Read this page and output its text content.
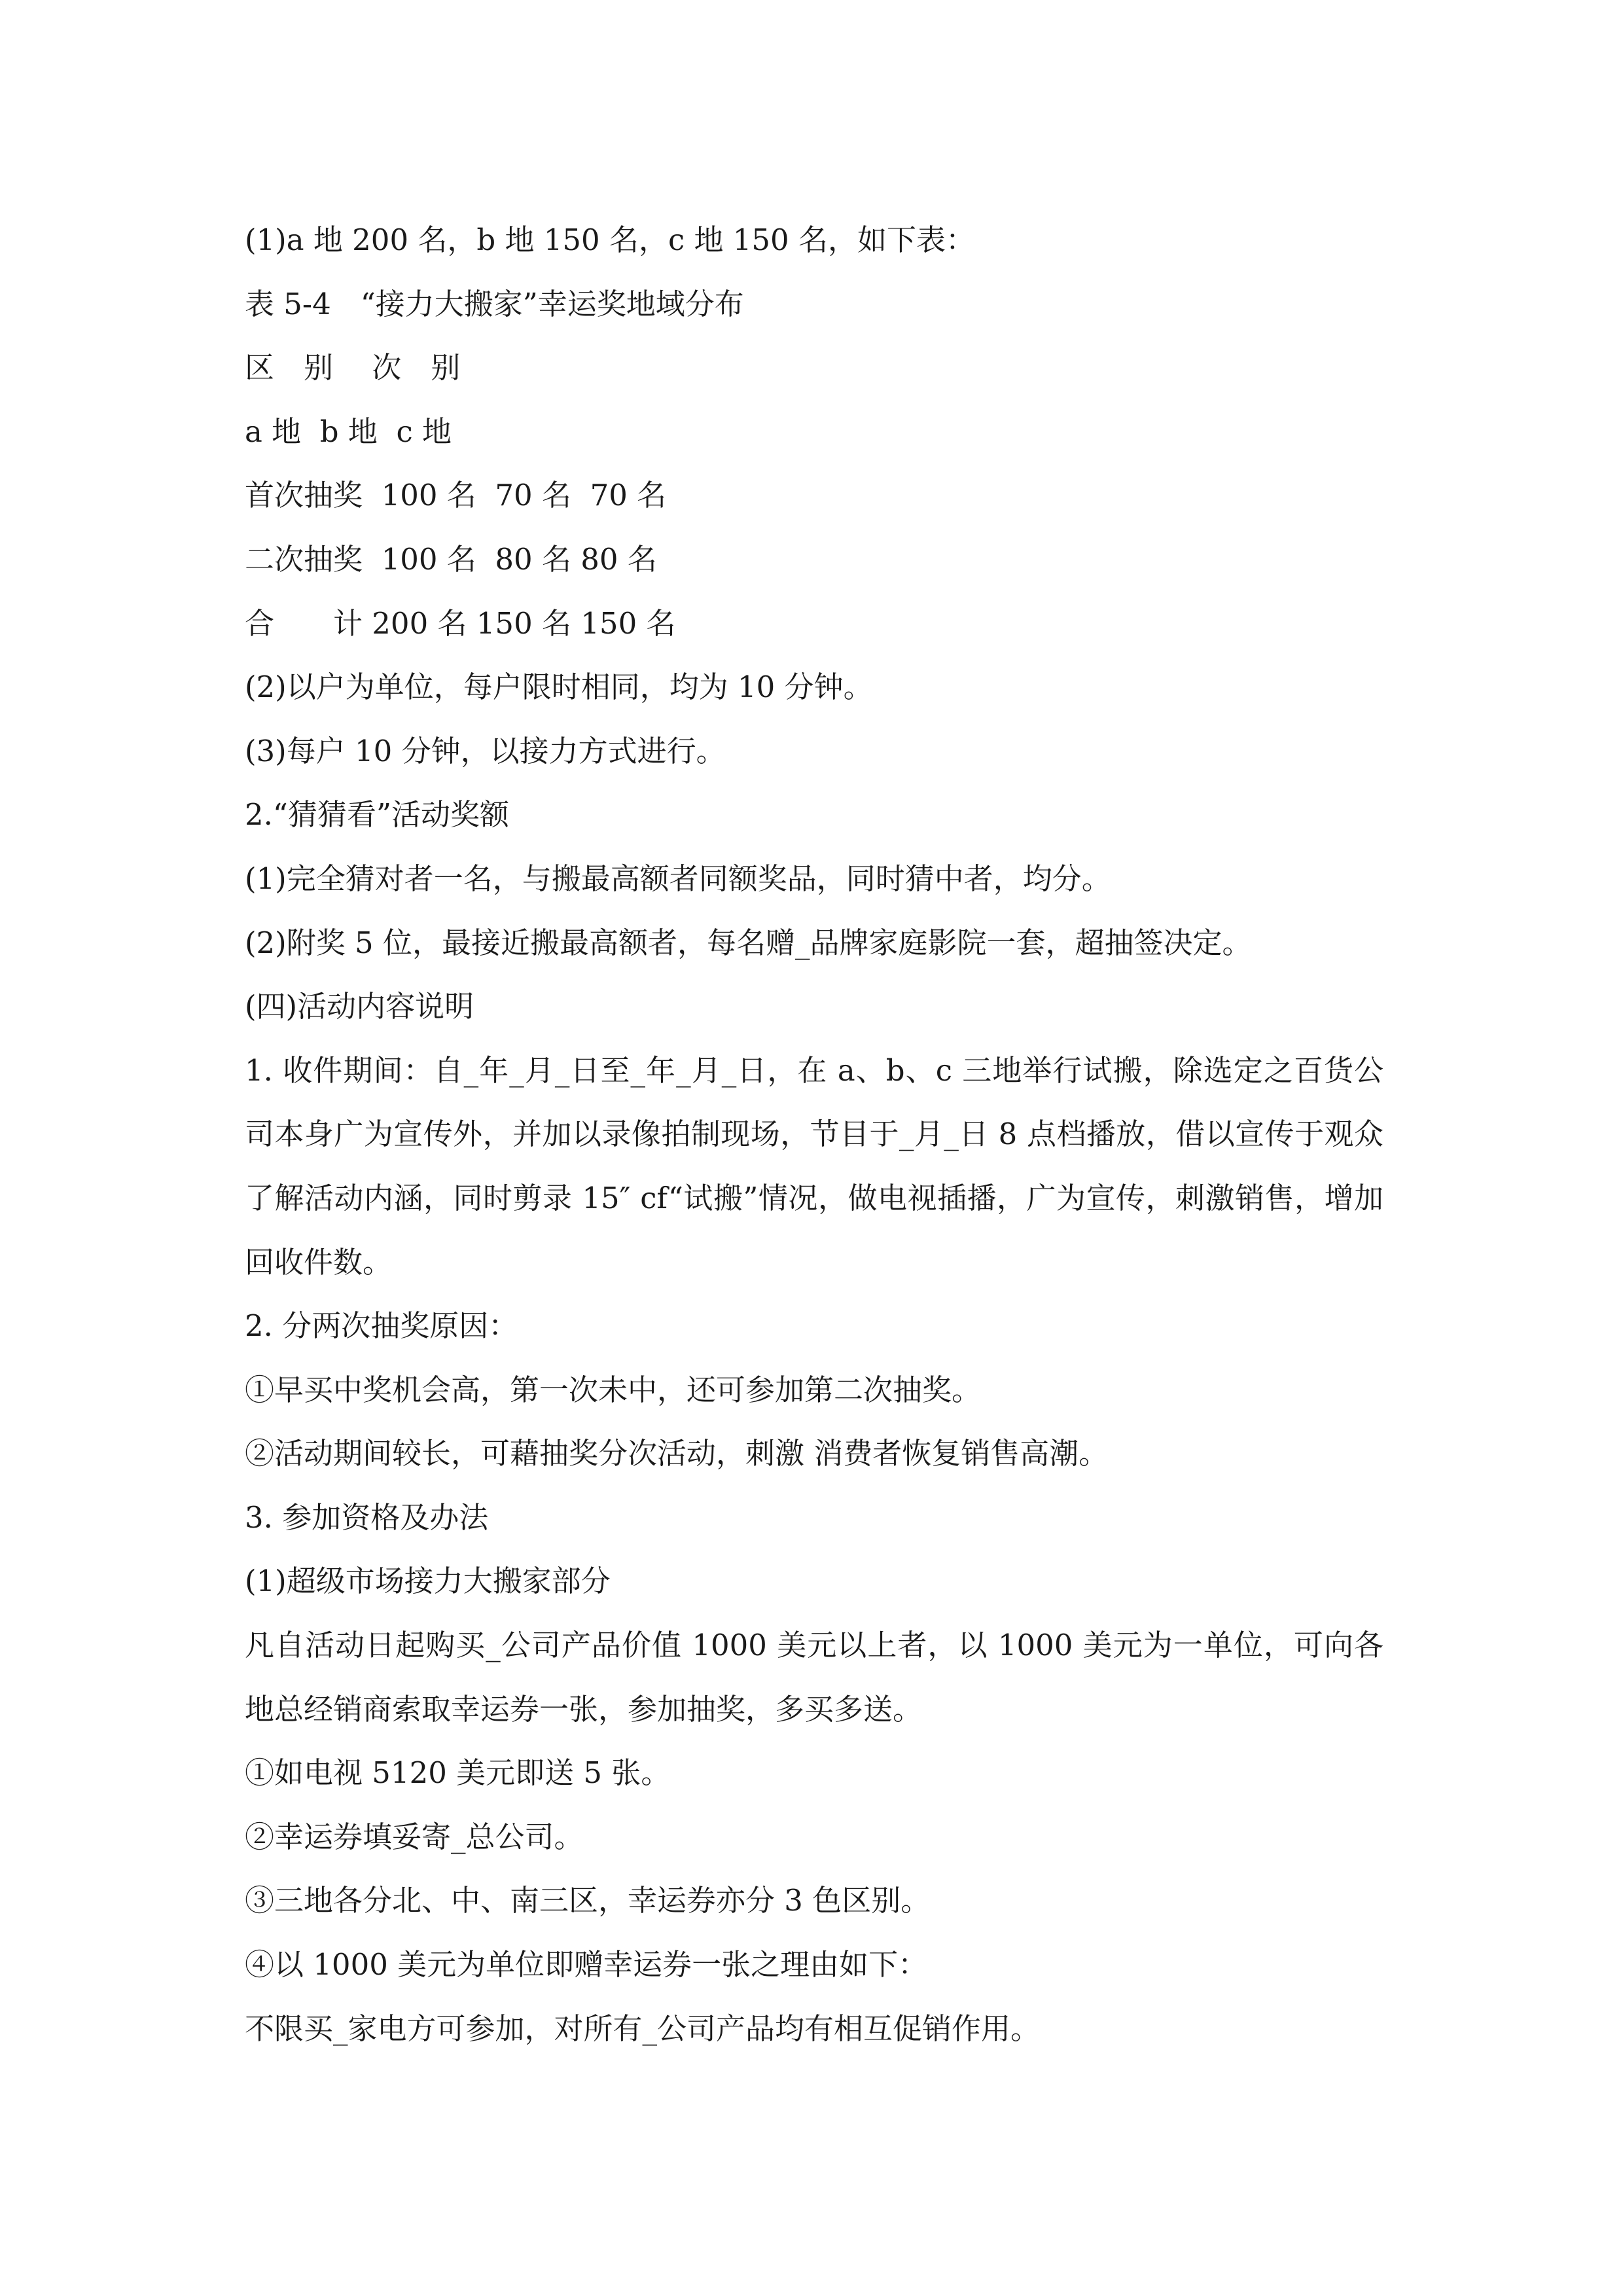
(1)a 地 200 名，b 地 150 名，c 地 150 名，如下表：

表 5-4　“接力大搬家”幸运奖地域分布

区　别　 次　别

a 地  b 地  c 地

首次抽奖  100 名  70 名  70 名

二次抽奖  100 名  80 名 80 名

合　　计 200 名 150 名 150 名

(2)以户为单位，每户限时相同，均为 10 分钟。

(3)每户 10 分钟，以接力方式进行。

2.“猜猜看”活动奖额

(1)完全猜对者一名，与搬最高额者同额奖品，同时猜中者，均分。

(2)附奖 5 位，最接近搬最高额者，每名赠_品牌家庭影院一套，超抽签决定。

(四)活动内容说明

1. 收件期间：自_年_月_日至_年_月_日，在 a、b、c 三地举行试搬，除选定之百货公司本身广为宣传外，并加以录像拍制现场，节目于_月_日 8 点档播放，借以宣传于观众了解活动内涵，同时剪录 15″ cf“试搬”情况，做电视插播，广为宣传，刺激销售，增加回收件数。

2. 分两次抽奖原因：

①早买中奖机会高，第一次未中，还可参加第二次抽奖。

②活动期间较长，可藉抽奖分次活动，刺激 消费者恢复销售高潮。

3. 参加资格及办法

(1)超级市场接力大搬家部分

凡自活动日起购买_公司产品价值 1000 美元以上者，以 1000 美元为一单位，可向各地总经销商索取幸运券一张，参加抽奖，多买多送。

①如电视 5120 美元即送 5 张。

②幸运券填妥寄_总公司。

③三地各分北、中、南三区，幸运券亦分 3 色区别。

④以 1000 美元为单位即赠幸运券一张之理由如下：

不限买_家电方可参加，对所有_公司产品均有相互促销作用。
